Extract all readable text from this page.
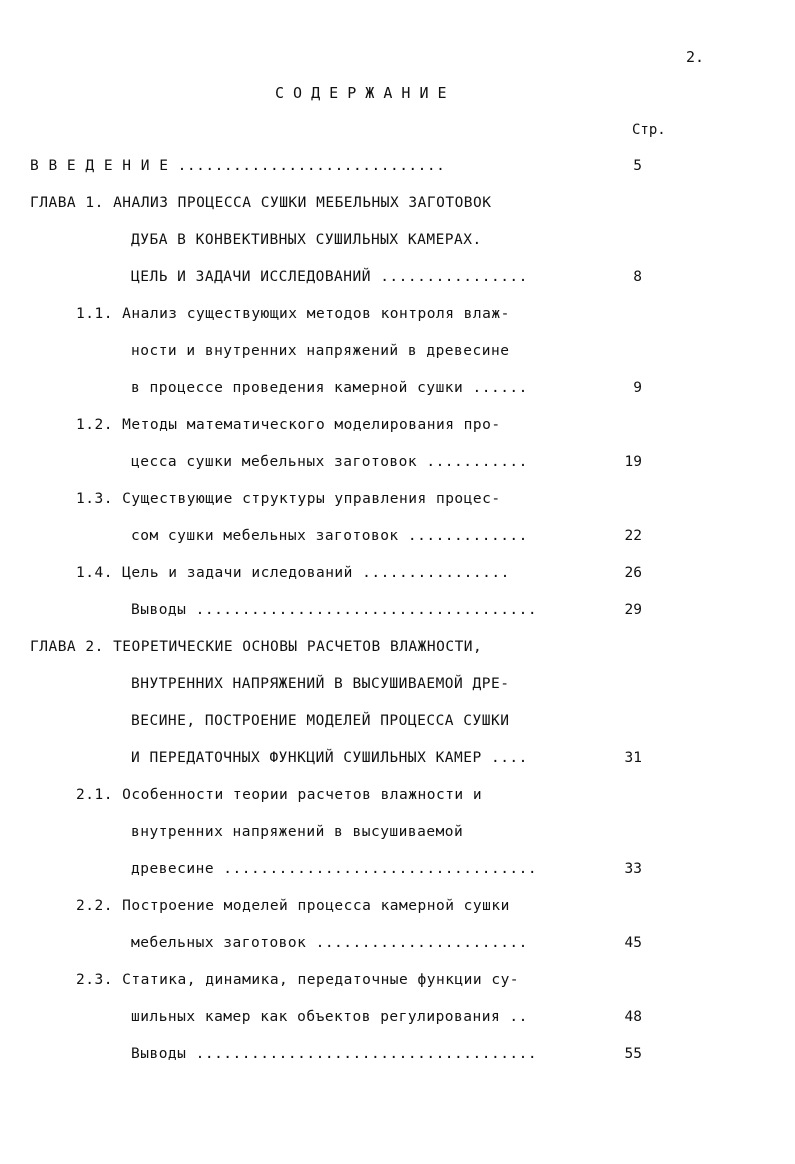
2.
С О Д Е Р Ж А Н И Е
Стр.
В В Е Д Е Н И Е .............................	5
ГЛАВА 1. АНАЛИЗ ПРОЦЕССА СУШКИ МЕБЕЛЬНЫХ ЗАГОТОВОК
ДУБА В КОНВЕКТИВНЫХ СУШИЛЬНЫХ КАМЕРАХ.
ЦЕЛЬ И ЗАДАЧИ ИССЛЕДОВАНИЙ ................	8
1.1. Анализ существующих методов контроля влаж-
ности и внутренних напряжений в древесине
в процессе проведения камерной сушки ......	9
1.2. Методы математического моделирования про-
цесса сушки мебельных заготовок ...........	19
1.3. Существующие структуры управления процес-
сом сушки мебельных заготовок .............	22
1.4. Цель и задачи иследований ................	26
Выводы .....................................	29
ГЛАВА 2. ТЕОРЕТИЧЕСКИЕ ОСНОВЫ РАСЧЕТОВ ВЛАЖНОСТИ,
ВНУТРЕННИХ НАПРЯЖЕНИЙ В ВЫСУШИВАЕМОЙ ДРЕ-
ВЕСИНЕ, ПОСТРОЕНИЕ МОДЕЛЕЙ ПРОЦЕССА СУШКИ
И ПЕРЕДАТОЧНЫХ ФУНКЦИЙ СУШИЛЬНЫХ КАМЕР ....	31
2.1. Особенности теории расчетов влажности и
внутренних напряжений в высушиваемой
древесине ..................................	33
2.2. Построение моделей процесса камерной сушки
мебельных заготовок .......................	45
2.3. Статика, динамика, передаточные функции су-
шильных камер как объектов регулирования ..	48
Выводы .....................................	55
